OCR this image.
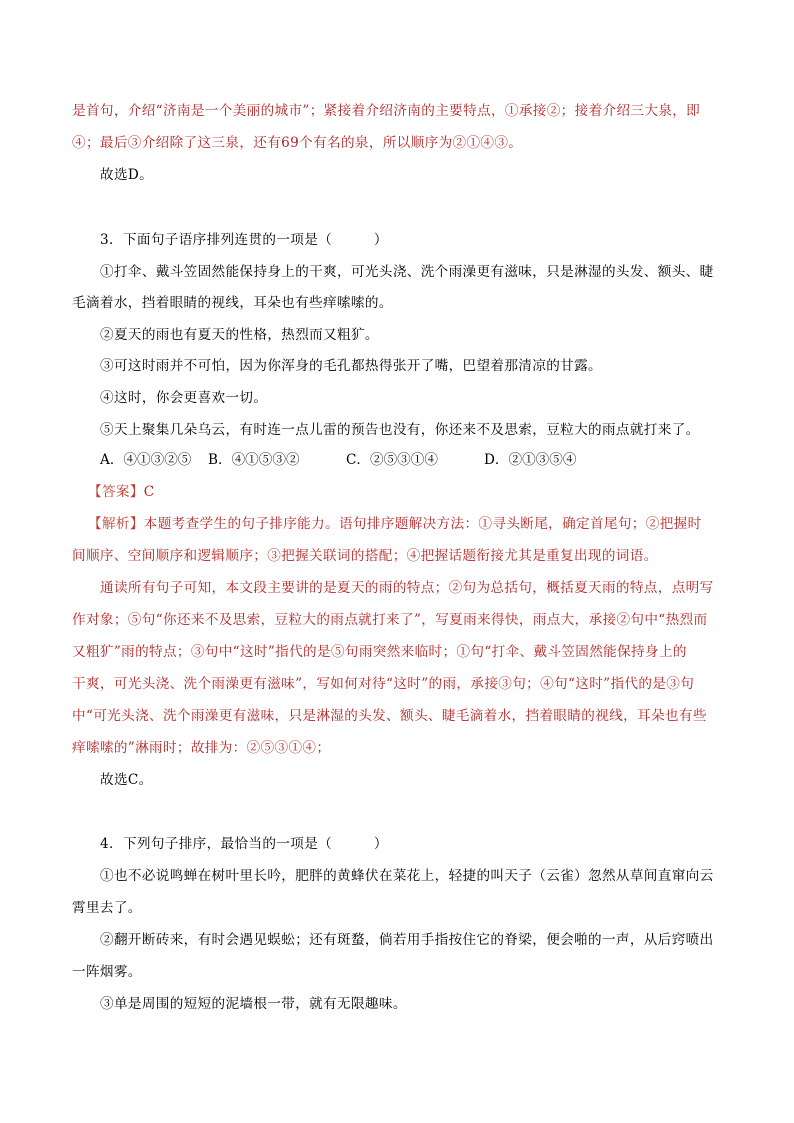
是首句，介绍“济南是一个美丽的城市”；紧接着介绍济南的主要特点，①承接②；接着介绍三大泉，即
④；最后③介绍除了这三泉，还有69个有名的泉，所以顺序为②①④③。
故选D。
3．下面句子语序排列连贯的一项是（　　　）
①打伞、戴斗笠固然能保持身上的干爽，可光头浇、洗个雨澡更有滋味，只是淋湿的头发、额头、睫
毛滴着水，挡着眼睛的视线，耳朵也有些痒嗦嗦的。
②夏天的雨也有夏天的性格，热烈而又粗犷。
③可这时雨并不可怕，因为你浑身的毛孔都热得张开了嘴，巴望着那清凉的甘露。
④这时，你会更喜欢一切。
⑤天上聚集几朵乌云，有时连一点儿雷的预告也没有，你还来不及思索，豆粒大的雨点就打来了。
A．④①③②⑤ B．④①⑤③②	C．②⑤③①④	D．②①③⑤④
【答案】C
【解析】本题考查学生的句子排序能力。语句排序题解决方法：①寻头断尾，确定首尾句；②把握时
间顺序、空间顺序和逻辑顺序；③把握关联词的搭配；④把握话题衔接尤其是重复出现的词语。
通读所有句子可知，本文段主要讲的是夏天的雨的特点；②句为总括句，概括夏天雨的特点，点明写
作对象；⑤句“你还来不及思索，豆粒大的雨点就打来了”，写夏雨来得快，雨点大，承接②句中“热烈而
又粗犷”雨的特点；③句中“这时”指代的是⑤句雨突然来临时；①句“打伞、戴斗笠固然能保持身上的
干爽，可光头浇、洗个雨澡更有滋味”，写如何对待“这时”的雨，承接③句；④句“这时”指代的是③句
中“可光头浇、洗个雨澡更有滋味，只是淋湿的头发、额头、睫毛滴着水，挡着眼睛的视线，耳朵也有些
痒嗦嗦的”淋雨时；故排为：②⑤③①④；
故选C。
4．下列句子排序，最恰当的一项是（　　　）
①也不必说鸣蝉在树叶里长吟，肥胖的黄蜂伏在菜花上，轻捷的叫天子（云雀）忽然从草间直窜向云
霄里去了。
②翻开断砖来，有时会遇见蜈蚣；还有斑蝥，倘若用手指按住它的脊梁，便会啪的一声，从后窍喷出
一阵烟雾。
③单是周围的短短的泥墙根一带，就有无限趣味。
